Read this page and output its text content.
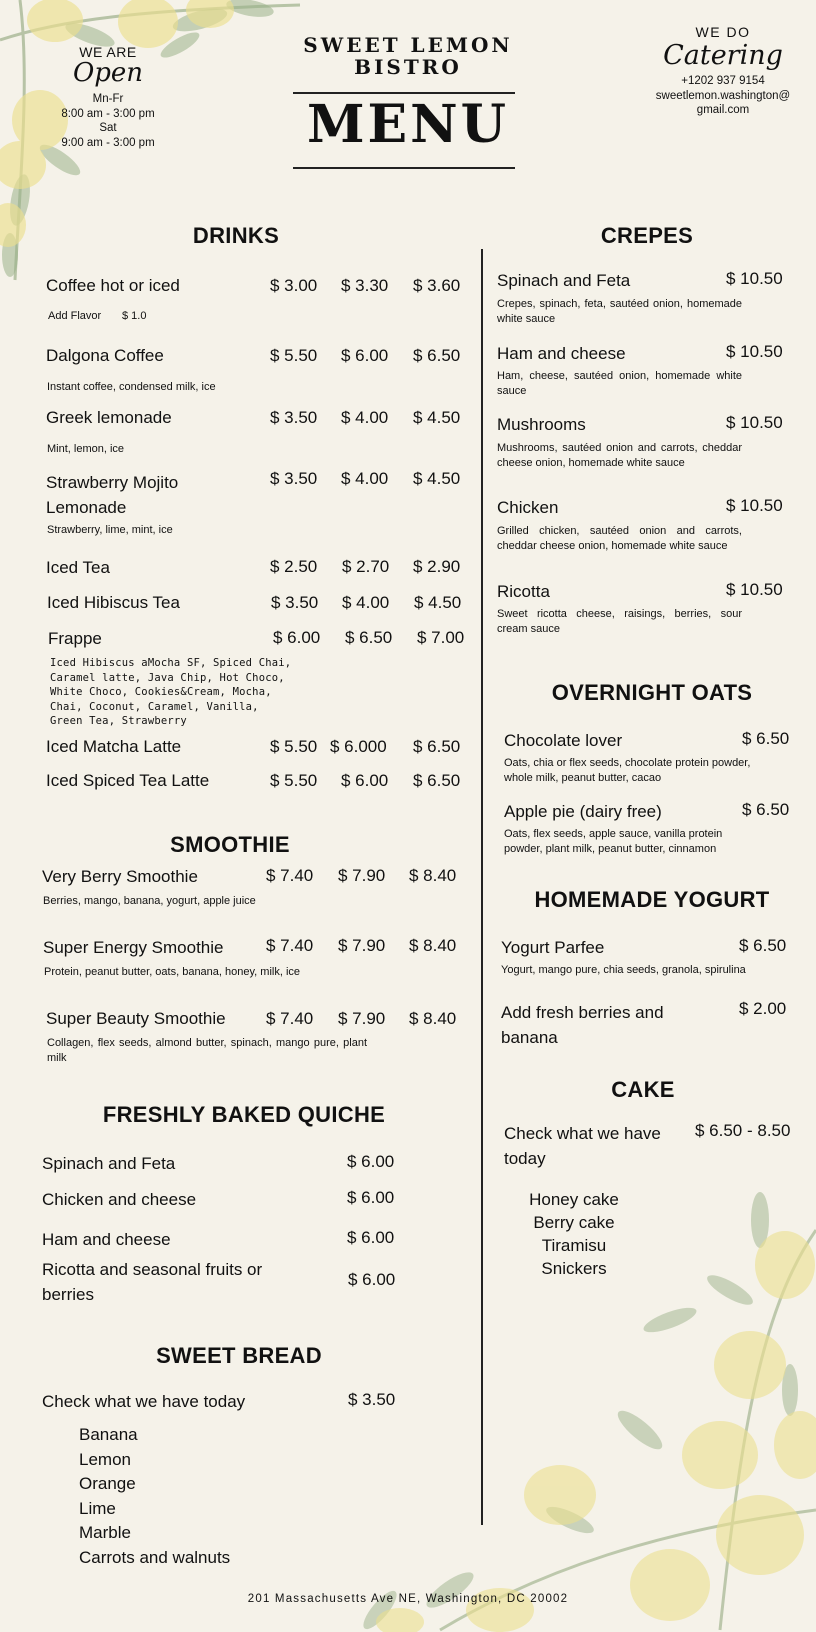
WE ARE
Open
Mn-Fr
8:00 am - 3:00 pm
Sat
9:00 am - 3:00 pm
SWEET LEMON
BISTRO
MENU
WE DO
Catering
+1202 937 9154
sweetlemon.washington@
gmail.com
DRINKS
Coffee hot or iced	$ 3.00 $ 3.30 $ 3.60
Add Flavor $ 1.0
Dalgona Coffee	$ 5.50 $ 6.00 $ 6.50
Instant coffee, condensed milk, ice
Greek lemonade	$ 3.50 $ 4.00 $ 4.50
Mint, lemon, ice
Strawberry Mojito
Lemonade
$ 3.50 $ 4.00 $ 4.50
Strawberry, lime, mint, ice
Iced Tea	$ 2.50 $ 2.70 $ 2.90
Iced Hibiscus Tea	$ 3.50 $ 4.00 $ 4.50
Frappe	$ 6.00 $ 6.50 $ 7.00
Iced Hibiscus aMocha SF, Spiced Chai, Caramel latte, Java Chip, Hot Choco, White Choco, Cookies&Cream, Mocha, Chai, Coconut, Caramel, Vanilla, Green Tea, Strawberry
Iced Matcha Latte	$ 5.50 $ 6.000 $ 6.50
Iced Spiced Tea Latte	$ 5.50 $ 6.00 $ 6.50
SMOOTHIE
Very Berry Smoothie	$ 7.40 $ 7.90 $ 8.40
Berries, mango, banana, yogurt, apple juice
Super Energy Smoothie	$ 7.40 $ 7.90 $ 8.40
Protein, peanut butter, oats, banana, honey, milk, ice
Super Beauty Smoothie $ 7.40 $ 7.90 $ 8.40
Collagen, flex seeds, almond butter, spinach, mango pure, plant milk
FRESHLY BAKED QUICHE
Spinach and Feta	$ 6.00
Chicken and cheese	$ 6.00
Ham and cheese	$ 6.00
Ricotta and seasonal fruits or
berries
$ 6.00
SWEET BREAD
Check what we have today	$ 3.50
Banana
Lemon
Orange
Lime
Marble
Carrots and walnuts
CREPES
Spinach and Feta	$ 10.50
Crepes, spinach, feta, sautéed onion, homemade white sauce
Ham and cheese	$ 10.50
Ham, cheese, sautéed onion, homemade white sauce
Mushrooms	$ 10.50
Mushrooms, sautéed onion and carrots, cheddar cheese onion, homemade white sauce
Chicken	$ 10.50
Grilled chicken, sautéed onion and carrots, cheddar cheese onion, homemade white sauce
Ricotta	$ 10.50
Sweet ricotta cheese, raisings, berries, sour cream sauce
OVERNIGHT OATS
Chocolate lover	$ 6.50
Oats, chia or flex seeds, chocolate protein powder, whole milk, peanut butter, cacao
Apple pie (dairy free)	$ 6.50
Oats, flex seeds, apple sauce, vanilla protein powder, plant milk, peanut butter, cinnamon
HOMEMADE YOGURT
Yogurt Parfee	$ 6.50
Yogurt, mango pure, chia seeds, granola, spirulina
Add fresh berries and
banana
$ 2.00
CAKE
Check what we have
today
$ 6.50 - 8.50
Honey cake
Berry cake
Tiramisu
Snickers
201 Massachusetts Ave NE, Washington, DC 20002
